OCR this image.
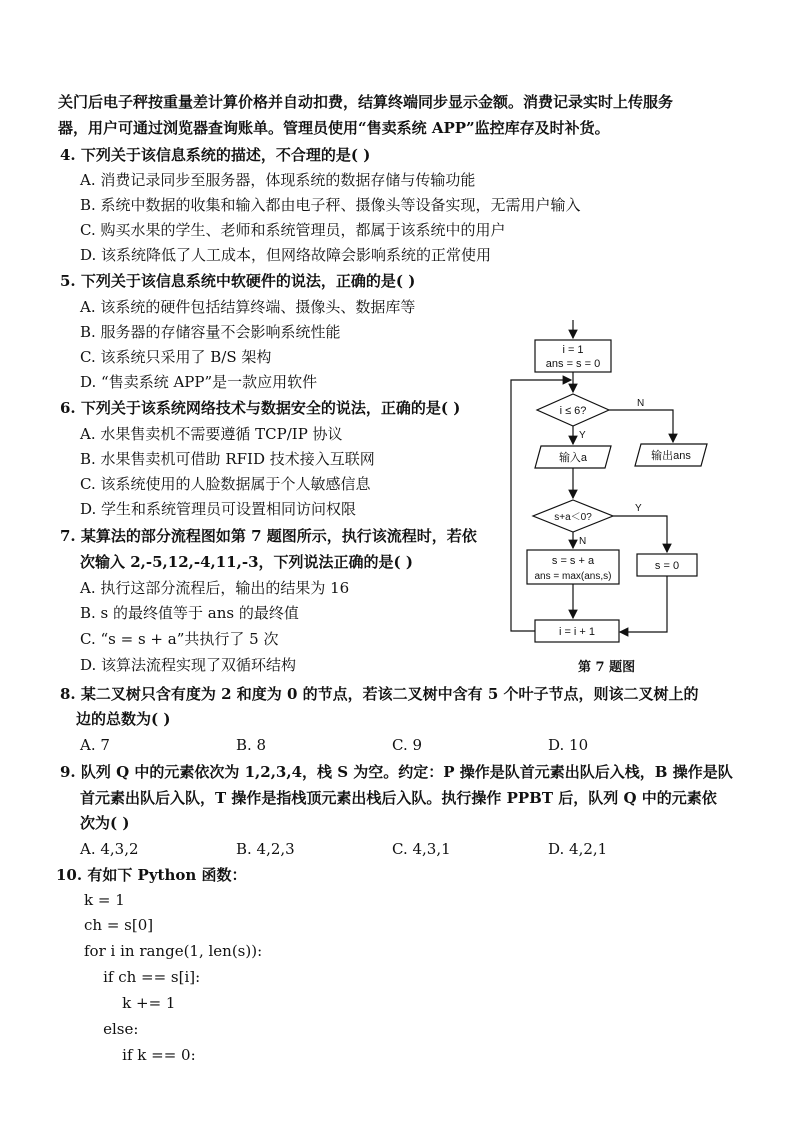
关门后电子秤按重量差计算价格并自动扣费，结算终端同步显示金额。消费记录实时上传服务
器，用户可通过浏览器查询账单。管理员使用“售卖系统 APP”监控库存及时补货。
4. 下列关于该信息系统的描述，不合理的是( )
A. 消费记录同步至服务器，体现系统的数据存储与传输功能
B. 系统中数据的收集和输入都由电子秤、摄像头等设备实现，无需用户输入
C. 购买水果的学生、老师和系统管理员，都属于该系统中的用户
D. 该系统降低了人工成本，但网络故障会影响系统的正常使用
5. 下列关于该信息系统中软硬件的说法，正确的是( )
A. 该系统的硬件包括结算终端、摄像头、数据库等
B. 服务器的存储容量不会影响系统性能
C. 该系统只采用了 B/S 架构
D. “售卖系统 APP”是一款应用软件
6. 下列关于该系统网络技术与数据安全的说法，正确的是( )
A. 水果售卖机不需要遵循 TCP/IP 协议
B. 水果售卖机可借助 RFID 技术接入互联网
C. 该系统使用的人脸数据属于个人敏感信息
D. 学生和系统管理员可设置相同访问权限
7. 某算法的部分流程图如第 7 题图所示，执行该流程时，若依
次输入 2,-5,12,-4,11,-3，下列说法正确的是( )
A. 执行这部分流程后，输出的结果为 16
B. s 的最终值等于 ans 的最终值
C. “s = s + a”共执行了 5 次
D. 该算法流程实现了双循环结构
i = 1
ans = s = 0
i ≤ 6?
输入a	输出ans
s+a＜0?
s = s + a
ans = max(ans,s)
s = 0
i = i + 1
Y
N
N
Y
第 7 题图
8. 某二叉树只含有度为 2 和度为 0 的节点，若该二叉树中含有 5 个叶子节点，则该二叉树上的
边的总数为( )
A. 7	B. 8	C. 9	D. 10
9. 队列 Q 中的元素依次为 1,2,3,4，栈 S 为空。约定：P 操作是队首元素出队后入栈，B 操作是队
首元素出队后入队，T 操作是指栈顶元素出栈后入队。执行操作 PPBT 后，队列 Q 中的元素依
次为( )
A. 4,3,2	B. 4,2,3	C. 4,3,1	D. 4,2,1
10. 有如下 Python 函数：
k = 1
ch = s[0]
for i in range(1, len(s)):
if ch == s[i]:
k += 1
else:
if k == 0:
